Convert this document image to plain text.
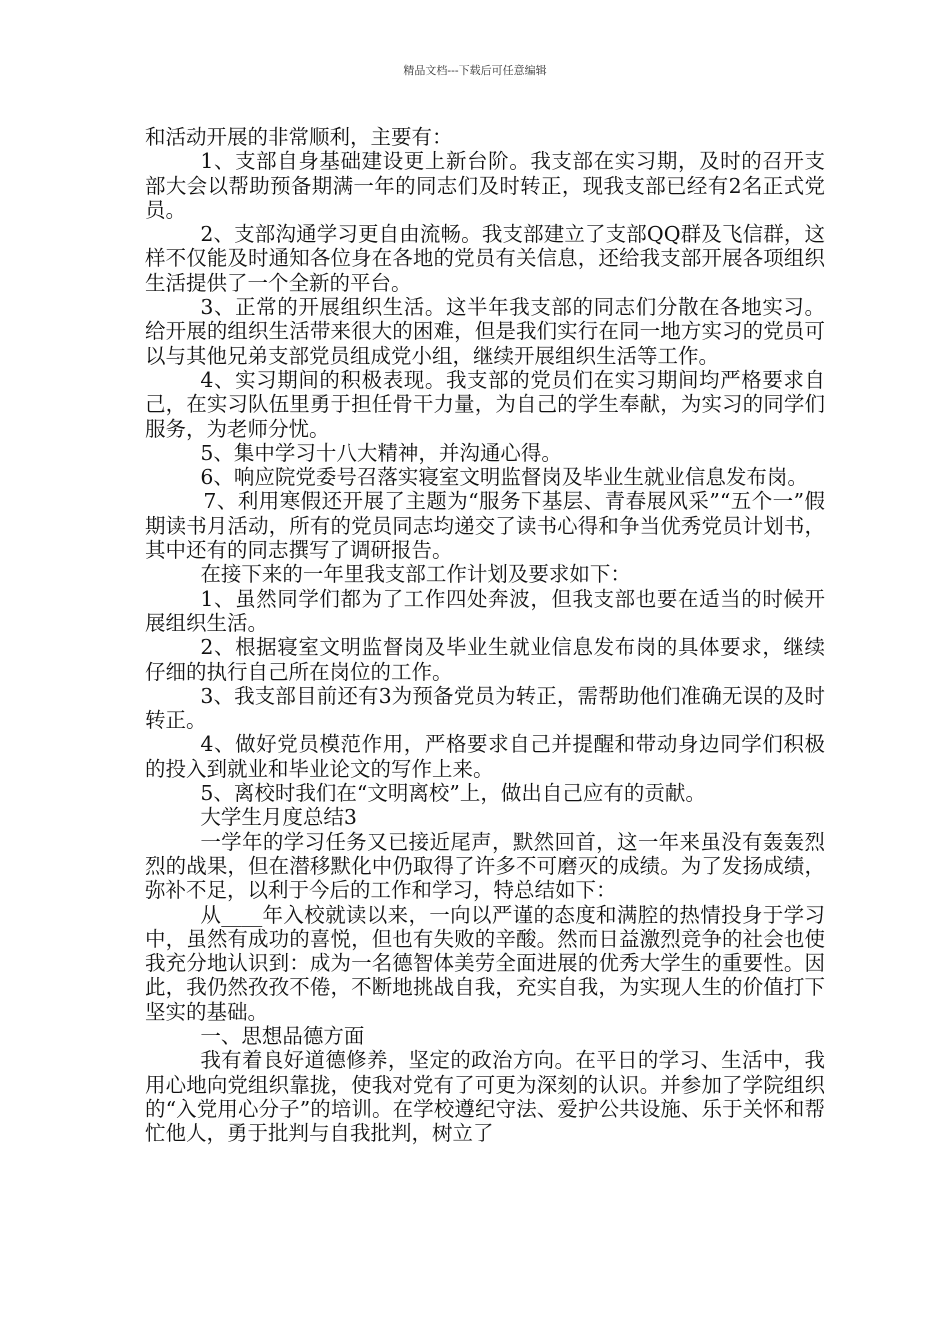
精品文档---下载后可任意编辑

和活动开展的非常顺利，主要有：

1、支部自身基础建设更上新台阶。我支部在实习期，及时的召开支部大会以帮助预备期满一年的同志们及时转正，现我支部已经有2名正式党员。

2、支部沟通学习更自由流畅。我支部建立了支部QQ群及飞信群，这样不仅能及时通知各位身在各地的党员有关信息，还给我支部开展各项组织生活提供了一个全新的平台。

3、正常的开展组织生活。这半年我支部的同志们分散在各地实习。给开展的组织生活带来很大的困难，但是我们实行在同一地方实习的党员可以与其他兄弟支部党员组成党小组，继续开展组织生活等工作。

4、实习期间的积极表现。我支部的党员们在实习期间均严格要求自己，在实习队伍里勇于担任骨干力量，为自己的学生奉献，为实习的同学们服务，为老师分忧。

5、集中学习十八大精神，并沟通心得。

6、响应院党委号召落实寝室文明监督岗及毕业生就业信息发布岗。

7、利用寒假还开展了主题为“服务下基层、青春展风采”“五个一”假期读书月活动，所有的党员同志均递交了读书心得和争当优秀党员计划书，其中还有的同志撰写了调研报告。

在接下来的一年里我支部工作计划及要求如下：

1、虽然同学们都为了工作四处奔波，但我支部也要在适当的时候开展组织生活。

2、根据寝室文明监督岗及毕业生就业信息发布岗的具体要求，继续仔细的执行自己所在岗位的工作。

3、我支部目前还有3为预备党员为转正，需帮助他们准确无误的及时转正。

4、做好党员模范作用，严格要求自己并提醒和带动身边同学们积极的投入到就业和毕业论文的写作上来。

5、离校时我们在“文明离校”上，做出自己应有的贡献。

大学生月度总结3

一学年的学习任务又已接近尾声，默然回首，这一年来虽没有轰轰烈烈的战果，但在潜移默化中仍取得了许多不可磨灭的成绩。为了发扬成绩，弥补不足，以利于今后的工作和学习，特总结如下：

从____年入校就读以来，一向以严谨的态度和满腔的热情投身于学习中，虽然有成功的喜悦，但也有失败的辛酸。然而日益激烈竞争的社会也使我充分地认识到：成为一名德智体美劳全面进展的优秀大学生的重要性。因此，我仍然孜孜不倦，不断地挑战自我，充实自我，为实现人生的价值打下坚实的基础。

一、思想品德方面

我有着良好道德修养，坚定的政治方向。在平日的学习、生活中，我用心地向党组织靠拢，使我对党有了可更为深刻的认识。并参加了学院组织的“入党用心分子”的培训。在学校遵纪守法、爱护公共设施、乐于关怀和帮忙他人，勇于批判与自我批判，树立了
